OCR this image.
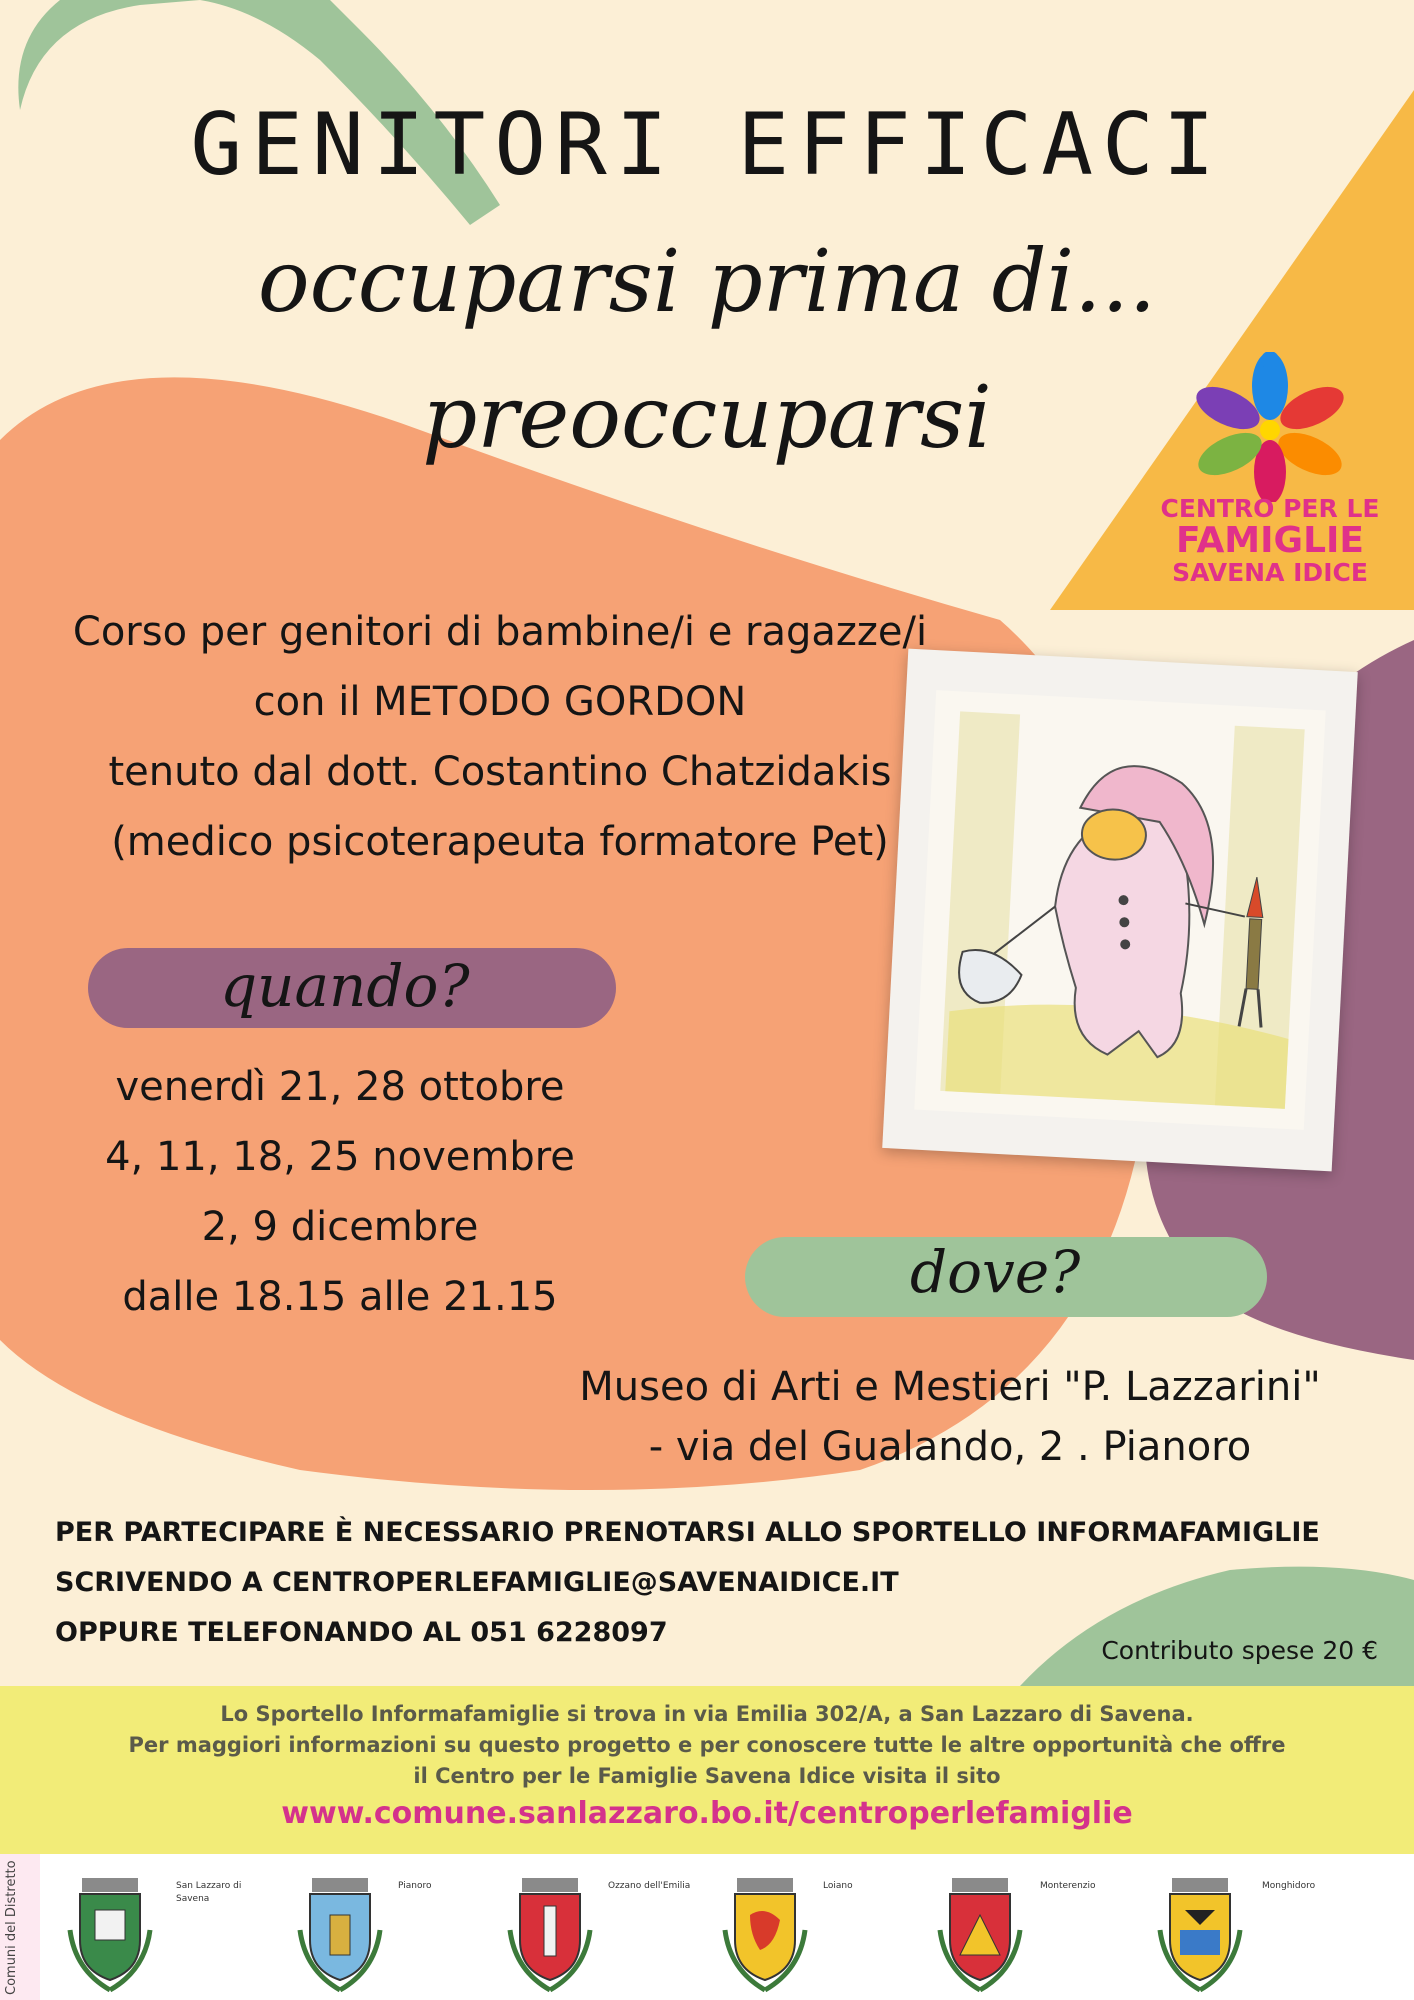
GENITORI EFFICACI
occuparsi prima di...
preoccuparsi
CENTRO PER LE
FAMIGLIE
SAVENA IDICE
Corso per genitori di bambine/i e ragazze/i
con il METODO GORDON
tenuto dal dott. Costantino Chatzidakis
(medico psicoterapeuta formatore Pet)
quando?
venerdì 21, 28 ottobre
4, 11, 18, 25 novembre
2, 9 dicembre
dalle 18.15 alle 21.15	dove?
Museo di Arti e Mestieri "P. Lazzarini"
- via del Gualando, 2 . Pianoro
PER PARTECIPARE È NECESSARIO PRENOTARSI ALLO SPORTELLO INFORMAFAMIGLIE
SCRIVENDO A CENTROPERLEFAMIGLIE@SAVENAIDICE.IT
OPPURE TELEFONANDO AL 051 6228097
Contributo spese 20 €
Lo Sportello Informafamiglie si trova in via Emilia 302/A, a San Lazzaro di Savena.
Per maggiori informazioni su questo progetto e per conoscere tutte le altre opportunità che offre
il Centro per le Famiglie Savena Idice visita il sito
www.comune.sanlazzaro.bo.it/centroperlefamiglie
Comuni del Distretto	San Lazzaro di Savena
Pianoro	Ozzano dell'Emilia	Loiano	Monterenzio	Monghidoro
